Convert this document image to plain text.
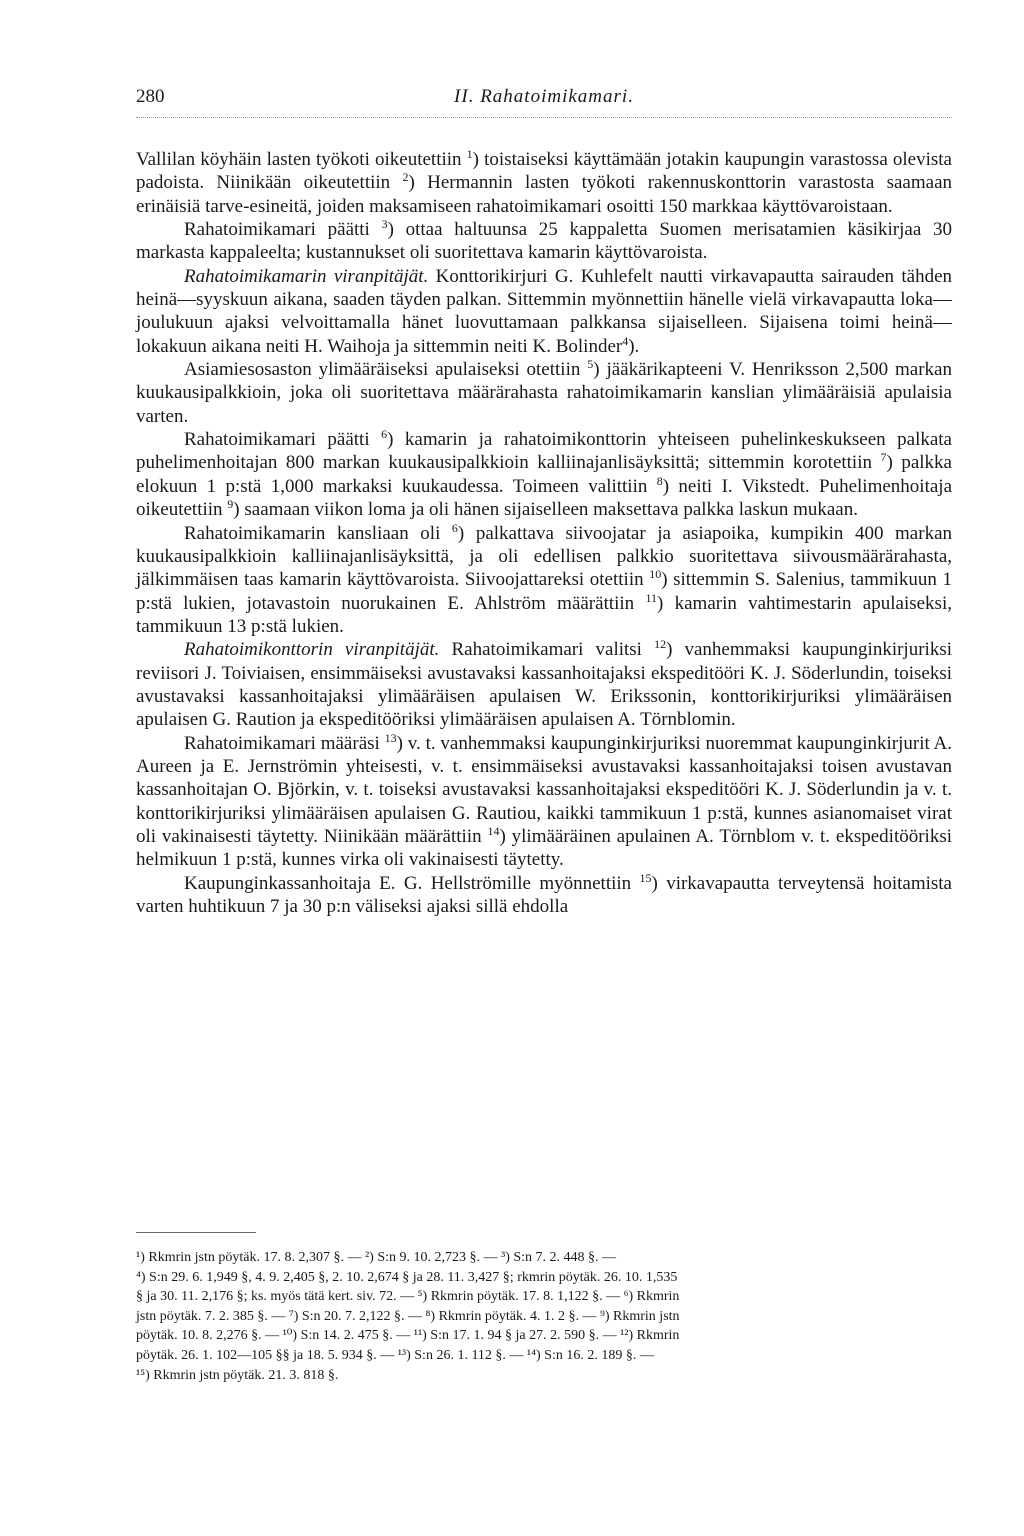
280	II. Rahatoimikamari.

Vallilan köyhäin lasten työkoti oikeutettiin $^1$) toistaiseksi käyttämään jotakin kaupungin varastossa olevista padoista. Niinikään oikeutettiin $^2$) Hermannin lasten työkoti rakennuskonttorin varastosta saamaan erinäisiä tarve-esineitä, joiden maksamiseen rahatoimikamari osoitti 150 markkaa käyttövaroistaan.

Rahatoimikamari päätti $^3$) ottaa haltuunsa 25 kappaletta Suomen merisatamien käsikirjaa 30 markasta kappaleelta; kustannukset oli suoritettava kamarin käyttövaroista.

Rahatoimikamarin viranpitäjät. Konttorikirjuri G. Kuhlefelt nautti virkavapautta sairauden tähden heinä—syyskuun aikana, saaden täyden palkan. Sittemmin myönnettiin hänelle vielä virkavapautta loka—joulukuun ajaksi velvoittamalla hänet luovuttamaan palkkansa sijaiselleen. Sijaisena toimi heinä—lokakuun aikana neiti H. Waihoja ja sittemmin neiti K. Bolinder$^4$).

Asiamiesosaston ylimääräiseksi apulaiseksi otettiin $^5$) jääkärikapteeni V. Henriksson 2,500 markan kuukausipalkkioin, joka oli suoritettava määrärahasta rahatoimikamarin kanslian ylimääräisiä apulaisia varten.

Rahatoimikamari päätti $^6$) kamarin ja rahatoimikonttorin yhteiseen puhelinkeskukseen palkata puhelimenhoitajan 800 markan kuukausipalkkioin kalliinajanlisäyksittä; sittemmin korotettiin $^7$) palkka elokuun 1 p:stä 1,000 markaksi kuukaudessa. Toimeen valittiin $^8$) neiti I. Vikstedt. Puhelimenhoitaja oikeutettiin $^9$) saamaan viikon loma ja oli hänen sijaiselleen maksettava palkka laskun mukaan.

Rahatoimikamarin kansliaan oli $^6$) palkattava siivoojatar ja asiapoika, kumpikin 400 markan kuukausipalkkioin kalliinajanlisäyksittä, ja oli edellisen palkkio suoritettava siivousmäärärahasta, jälkimmäisen taas kamarin käyttövaroista. Siivoojattareksi otettiin $^{10}$) sittemmin S. Salenius, tammikuun 1 p:stä lukien, jotavastoin nuorukainen E. Ahlström määrättiin $^{11}$) kamarin vahtimestarin apulaiseksi, tammikuun 13 p:stä lukien.

Rahatoimikonttorin viranpitäjät. Rahatoimikamari valitsi $^{12}$) vanhemmaksi kaupunginkirjuriksi reviisori J. Toiviaisen, ensimmäiseksi avustavaksi kassanhoitajaksi ekspeditööri K. J. Söderlundin, toiseksi avustavaksi kassanhoitajaksi ylimääräisen apulaisen W. Erikssonin, konttorikirjuriksi ylimääräisen apulaisen G. Raution ja ekspeditööriksi ylimääräisen apulaisen A. Törnblomin.

Rahatoimikamari määräsi $^{13}$) v. t. vanhemmaksi kaupunginkirjuriksi nuoremmat kaupunginkirjurit A. Aureen ja E. Jernströmin yhteisesti, v. t. ensimmäiseksi avustavaksi kassanhoitajaksi toisen avustavan kassanhoitajan O. Björkin, v. t. toiseksi avustavaksi kassanhoitajaksi ekspeditööri K. J. Söderlundin ja v. t. konttorikirjuriksi ylimääräisen apulaisen G. Rautiou, kaikki tammikuun 1 p:stä, kunnes asianomaiset virat oli vakinaisesti täytetty. Niinikään määrättiin $^{14}$) ylimääräinen apulainen A. Törnblom v. t. ekspeditööriksi helmikuun 1 p:stä, kunnes virka oli vakinaisesti täytetty.

Kaupunginkassanhoitaja E. G. Hellströmille myönnettiin $^{15}$) virkavapautta terveytensä hoitamista varten huhtikuun 7 ja 30 p:n väliseksi ajaksi sillä ehdolla

¹) Rkmrin jstn pöytäk. 17. 8. 2,307 §. — ²) S:n 9. 10. 2,723 §. — ³) S:n 7. 2. 448 §. —
⁴) S:n 29. 6. 1,949 §, 4. 9. 2,405 §, 2. 10. 2,674 § ja 28. 11. 3,427 §; rkmrin pöytäk. 26. 10. 1,535
§ ja 30. 11. 2,176 §; ks. myös tätä kert. siv. 72. — ⁵) Rkmrin pöytäk. 17. 8. 1,122 §. — ⁶) Rkmrin
jstn pöytäk. 7. 2. 385 §. — ⁷) S:n 20. 7. 2,122 §. — ⁸) Rkmrin pöytäk. 4. 1. 2 §. — ⁹) Rkmrin jstn
pöytäk. 10. 8. 2,276 §. — ¹⁰) S:n 14. 2. 475 §. — ¹¹) S:n 17. 1. 94 § ja 27. 2. 590 §. — ¹²) Rkmrin
pöytäk. 26. 1. 102—105 §§ ja 18. 5. 934 §. — ¹³) S:n 26. 1. 112 §. — ¹⁴) S:n 16. 2. 189 §. —
¹⁵) Rkmrin jstn pöytäk. 21. 3. 818 §.
